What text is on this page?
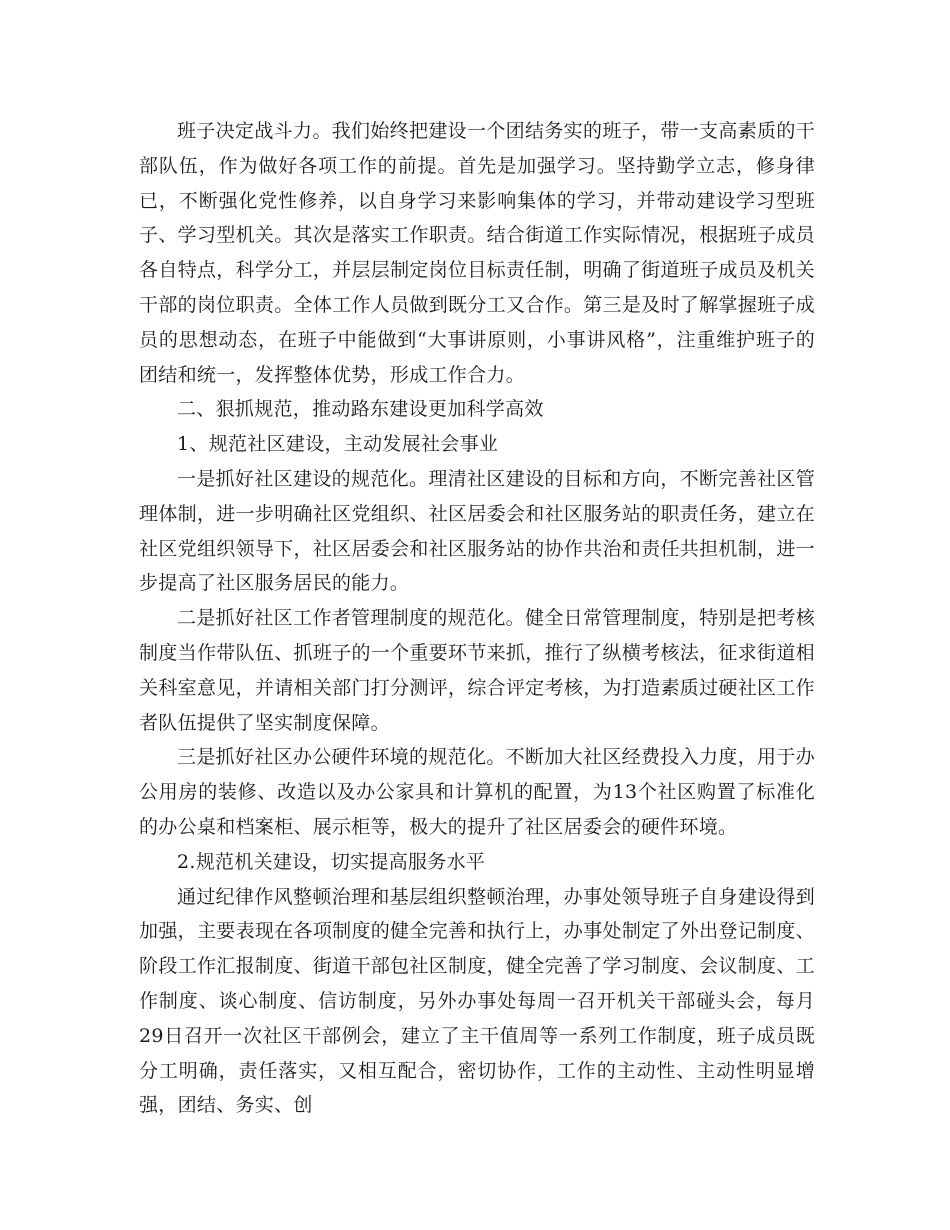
班子决定战斗力。我们始终把建设一个团结务实的班子，带一支高素质的干部队伍，作为做好各项工作的前提。首先是加强学习。坚持勤学立志，修身律已，不断强化党性修养，以自身学习来影响集体的学习，并带动建设学习型班子、学习型机关。其次是落实工作职责。结合街道工作实际情况，根据班子成员各自特点，科学分工，并层层制定岗位目标责任制，明确了街道班子成员及机关干部的岗位职责。全体工作人员做到既分工又合作。第三是及时了解掌握班子成员的思想动态，在班子中能做到“大事讲原则，小事讲风格”，注重维护班子的团结和统一，发挥整体优势，形成工作合力。

二、狠抓规范，推动路东建设更加科学高效

1、规范社区建设，主动发展社会事业

一是抓好社区建设的规范化。理清社区建设的目标和方向，不断完善社区管理体制，进一步明确社区党组织、社区居委会和社区服务站的职责任务，建立在社区党组织领导下，社区居委会和社区服务站的协作共治和责任共担机制，进一步提高了社区服务居民的能力。

二是抓好社区工作者管理制度的规范化。健全日常管理制度，特别是把考核制度当作带队伍、抓班子的一个重要环节来抓，推行了纵横考核法，征求街道相关科室意见，并请相关部门打分测评，综合评定考核，为打造素质过硬社区工作者队伍提供了坚实制度保障。

三是抓好社区办公硬件环境的规范化。不断加大社区经费投入力度，用于办公用房的装修、改造以及办公家具和计算机的配置，为13个社区购置了标准化的办公桌和档案柜、展示柜等，极大的提升了社区居委会的硬件环境。

2.规范机关建设，切实提高服务水平

通过纪律作风整顿治理和基层组织整顿治理，办事处领导班子自身建设得到加强，主要表现在各项制度的健全完善和执行上，办事处制定了外出登记制度、阶段工作汇报制度、街道干部包社区制度，健全完善了学习制度、会议制度、工作制度、谈心制度、信访制度，另外办事处每周一召开机关干部碰头会，每月29日召开一次社区干部例会，建立了主干值周等一系列工作制度，班子成员既分工明确，责任落实，又相互配合，密切协作，工作的主动性、主动性明显增强，团结、务实、创
